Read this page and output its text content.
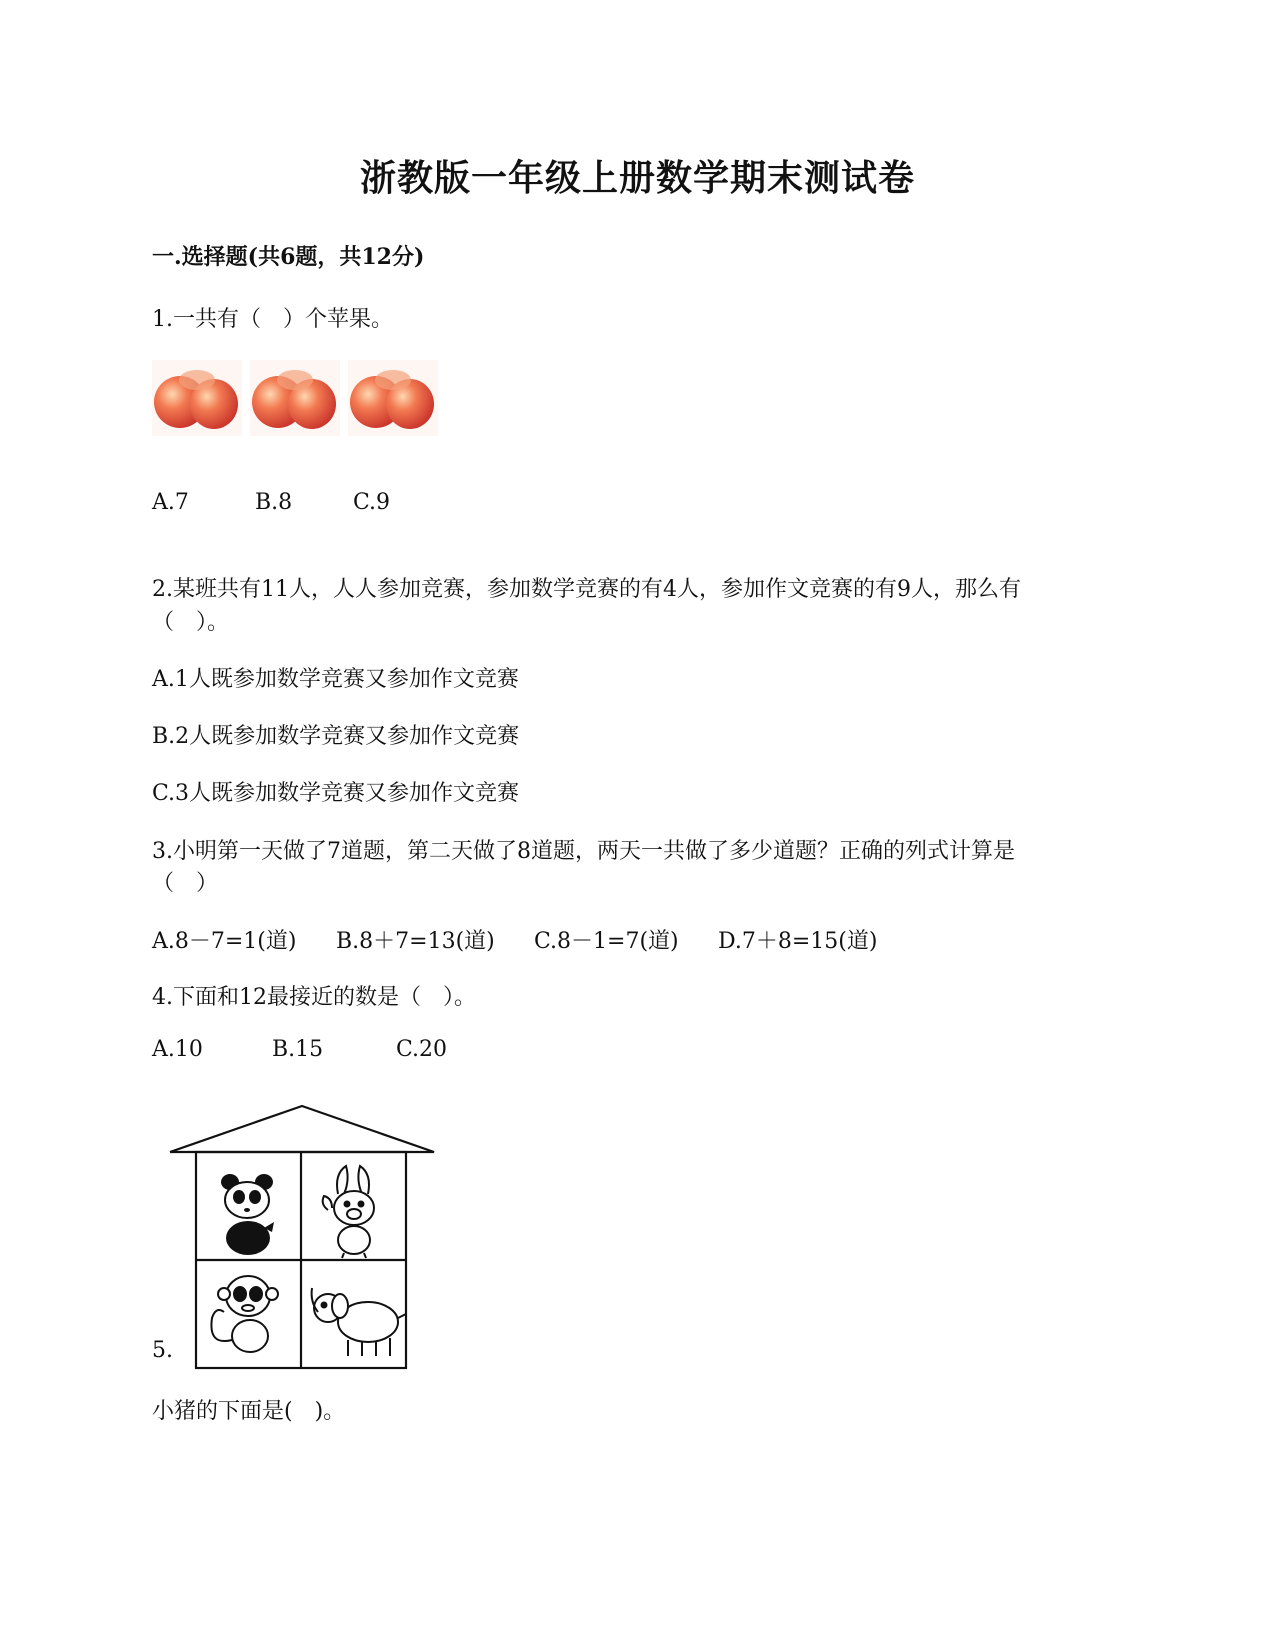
浙教版一年级上册数学期末测试卷
一.选择题(共6题，共12分)
1.一共有（　）个苹果。
A.7	B.8	C.9
2.某班共有11人，人人参加竞赛，参加数学竞赛的有4人，参加作文竞赛的有9人，那么有
（　）。
A.1人既参加数学竞赛又参加作文竞赛
B.2人既参加数学竞赛又参加作文竞赛
C.3人既参加数学竞赛又参加作文竞赛
3.小明第一天做了7道题，第二天做了8道题，两天一共做了多少道题？正确的列式计算是
（　）
A.8－7=1(道) B.8＋7=13(道) C.8－1=7(道) D.7＋8=15(道)
4.下面和12最接近的数是（　）。
A.10	B.15	C.20
5.
小猪的下面是(　)。
